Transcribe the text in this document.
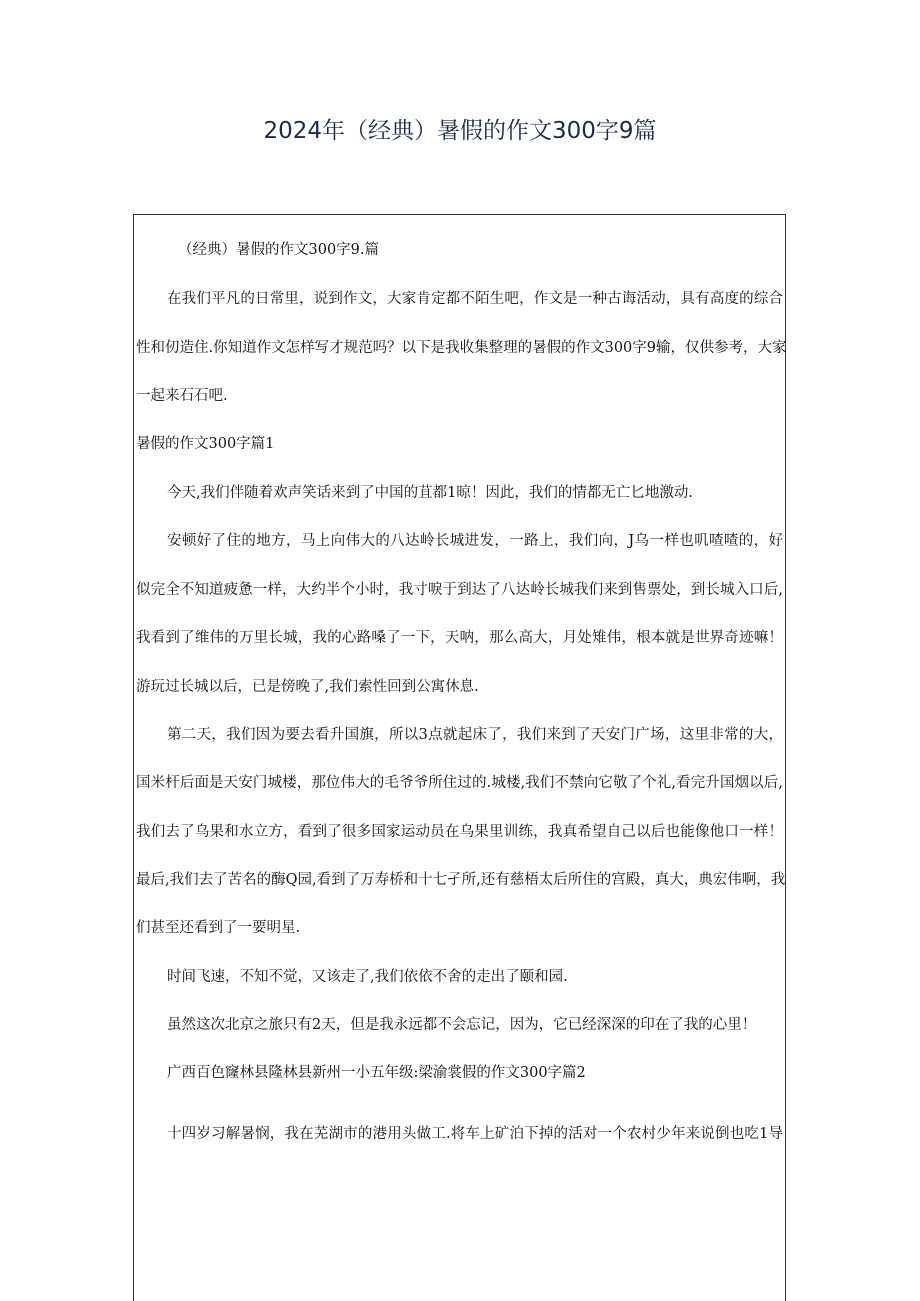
2024年（经典）暑假的作文300字9篇

（经典）暑假的作文300字9.篇

在我们平凡的日常里，说到作文，大家肯定都不陌生吧，作文是一种古诲活动，具有高度的综合

性和仞造住.你知道作文怎样写才规范吗？以下是我收集整理的暑假的作文300字9输，仅供参考，大家

一起来石石吧.

暑假的作文300字篇1

今天,我们伴随着欢声笑话来到了中国的苴都1晾！因此，我们的情都无亡匕地激动.

安顿好了住的地方，马上向伟大的八达岭长城进发，一路上，我们向，J乌一样也叽喳喳的，好

似完全不知道疲惫一样，大约半个小时，我寸唳于到达了八达岭长城我们来到售票处，到长城入口后,

我看到了维伟的万里长城，我的心路嗓了一下，天呐，那么高大，月处雉伟，根本就是世界奇迹嘛！

游玩过长城以后，已是傍晚了,我们索性回到公寓休息.

第二天，我们因为要去看升国旗，所以3点就起床了，我们来到了天安门广场，这里非常的大，

国米杆后面是天安门城楼，那位伟大的毛爷爷所住过的.城楼,我们不禁向它敬了个礼,看完升国烟以后,

我们去了乌果和水立方，看到了很多国家运动员在乌果里训练，我真希望自己以后也能像他口一样！

最后,我们去了苦名的酶Q园,看到了万寿桥和十七孑所,还有慈梧太后所住的宫殿，真大，典宏伟啊，我

们甚至还看到了一要明星.

时间飞速，不知不觉，又该走了,我们依依不舍的走出了颐和园.

虽然这次北京之旅只有2天，但是我永远都不会忘记，因为，它已经深深的印在了我的心里！

广西百色窿林县隆林县新州一小五年级:梁渝裳假的作文300字篇2

十四岁习解暑悯，我在芜湖市的港用头做工.将车上矿泊下掉的活对一个农村少年来说倒也吃1导
